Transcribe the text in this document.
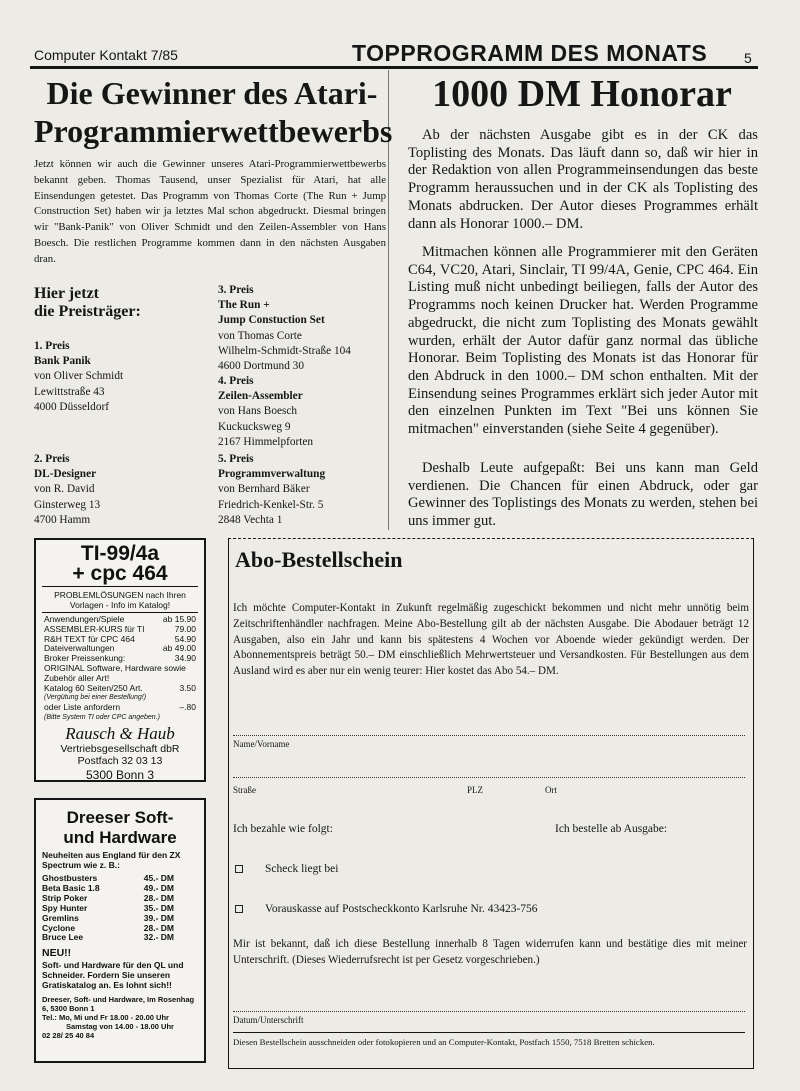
Computer Kontakt 7/85	TOPPROGRAMM DES MONATS	5
Die Gewinner des Atari-Programmierwettbewerbs
Jetzt können wir auch die Gewinner unseres Atari-Programmierwettbewerbs bekannt geben. Thomas Tausend, unser Spezialist für Atari, hat alle Einsendungen getestet. Das Programm von Thomas Corte (The Run + Jump Construction Set) haben wir ja letztes Mal schon abgedruckt. Diesmal bringen wir "Bank-Panik" von Oliver Schmidt und den Zeilen-Assembler von Hans Boesch. Die restlichen Programme kommen dann in den nächsten Ausgaben dran.
Hier jetzt
die Preisträger:
1. Preis
Bank Panik
von Oliver Schmidt
Lewittstraße 43
4000 Düsseldorf
2. Preis
DL-Designer
von R. David
Ginsterweg 13
4700 Hamm
3. Preis
The Run +
Jump Constuction Set
von Thomas Corte
Wilhelm-Schmidt-Straße 104
4600 Dortmund 30
4. Preis
Zeilen-Assembler
von Hans Boesch
Kuckucksweg 9
2167 Himmelpforten
5. Preis
Programmverwaltung
von Bernhard Bäker
Friedrich-Kenkel-Str. 5
2848 Vechta 1
1000 DM Honorar
Ab der nächsten Ausgabe gibt es in der CK das Toplisting des Monats. Das läuft dann so, daß wir hier in der Redaktion von allen Programmeinsendungen das beste Programm heraussuchen und in der CK als Toplisting des Monats abdrucken. Der Autor dieses Programmes erhält dann als Honorar 1000.– DM.
Mitmachen können alle Programmierer mit den Geräten C64, VC20, Atari, Sinclair, TI 99/4A, Genie, CPC 464. Ein Listing muß nicht unbedingt beiliegen, falls der Autor des Programms noch keinen Drucker hat. Werden Programme abgedruckt, die nicht zum Toplisting des Monats gewählt wurden, erhält der Autor dafür ganz normal das übliche Honorar. Beim Toplisting des Monats ist das Honorar für den Abdruck in den 1000.– DM schon enthalten. Mit der Einsendung seines Programmes erklärt sich jeder Autor mit den einzelnen Punkten im Text "Bei uns können Sie mitmachen" einverstanden (siehe Seite 4 gegenüber).
Deshalb Leute aufgepaßt: Bei uns kann man Geld verdienen. Die Chancen für einen Abdruck, oder gar Gewinner des Toplistings des Monats zu werden, stehen bei uns immer gut.
TI-99/4a
+ cpc 464
PROBLEMLÖSUNGEN nach Ihren Vorlagen - Info im Katalog!
Anwendungen/Spiele	ab 15.90
ASSEMBLER-KURS für TI	79.00
R&H TEXT für CPC 464	54.90
Dateiverwaltungen	ab 49.00
Broker Preissenkung:	34.90
ORIGINAL Software, Hardware sowie Zubehör aller Art!
Katalog 60 Seiten/250 Art.	3.50
(Vergütung bei einer Bestellung!)
oder Liste anfordern	–.80
(Bitte System TI oder CPC angeben.)
Rausch & Haub
Vertriebsgesellschaft dbR
Postfach 32 03 13
5300 Bonn 3
Dreeser Soft- und Hardware
Neuheiten aus England für den ZX Spectrum wie z. B.:
Ghostbusters	45.- DM
Beta Basic 1.8	49.- DM
Strip Poker	28.- DM
Spy Hunter	35.- DM
Gremlins	39.- DM
Cyclone	28.- DM
Bruce Lee	32.- DM
NEU!!
Soft- und Hardware für den QL und Schneider. Fordern Sie unseren Gratiskatalog an. Es lohnt sich!!
Dreeser, Soft- und Hardware, Im Rosenhag 6, 5300 Bonn 1
Tel.: Mo, Mi und Fr 18.00 - 20.00 Uhr
Samstag von 14.00 - 18.00 Uhr
02 28/ 25 40 84
Abo-Bestellschein
Ich möchte Computer-Kontakt in Zukunft regelmäßig zugeschickt bekommen und nicht mehr unnötig beim Zeitschriftenhändler nachfragen. Meine Abo-Bestellung gilt ab der nächsten Ausgabe. Die Abodauer beträgt 12 Ausgaben, also ein Jahr und kann bis spätestens 4 Wochen vor Aboende wieder gekündigt werden. Der Abonnementspreis beträgt 50.– DM einschließlich Mehrwertsteuer und Versandkosten. Für Bestellungen aus dem Ausland wird es aber nur ein wenig teurer: Hier kostet das Abo 54.– DM.
Name/Vorname
Straße	PLZ	Ort
Ich bezahle wie folgt:	Ich bestelle ab Ausgabe:
Scheck liegt bei
Vorauskasse auf Postscheckkonto Karlsruhe Nr. 43423-756
Mir ist bekannt, daß ich diese Bestellung innerhalb 8 Tagen widerrufen kann und bestätige dies mit meiner Unterschrift. (Dieses Wiederrufsrecht ist per Gesetz vorgeschrieben.)
Datum/Unterschrift
Diesen Bestellschein ausschneiden oder fotokopieren und an Computer-Kontakt, Postfach 1550, 7518 Bretten schicken.
